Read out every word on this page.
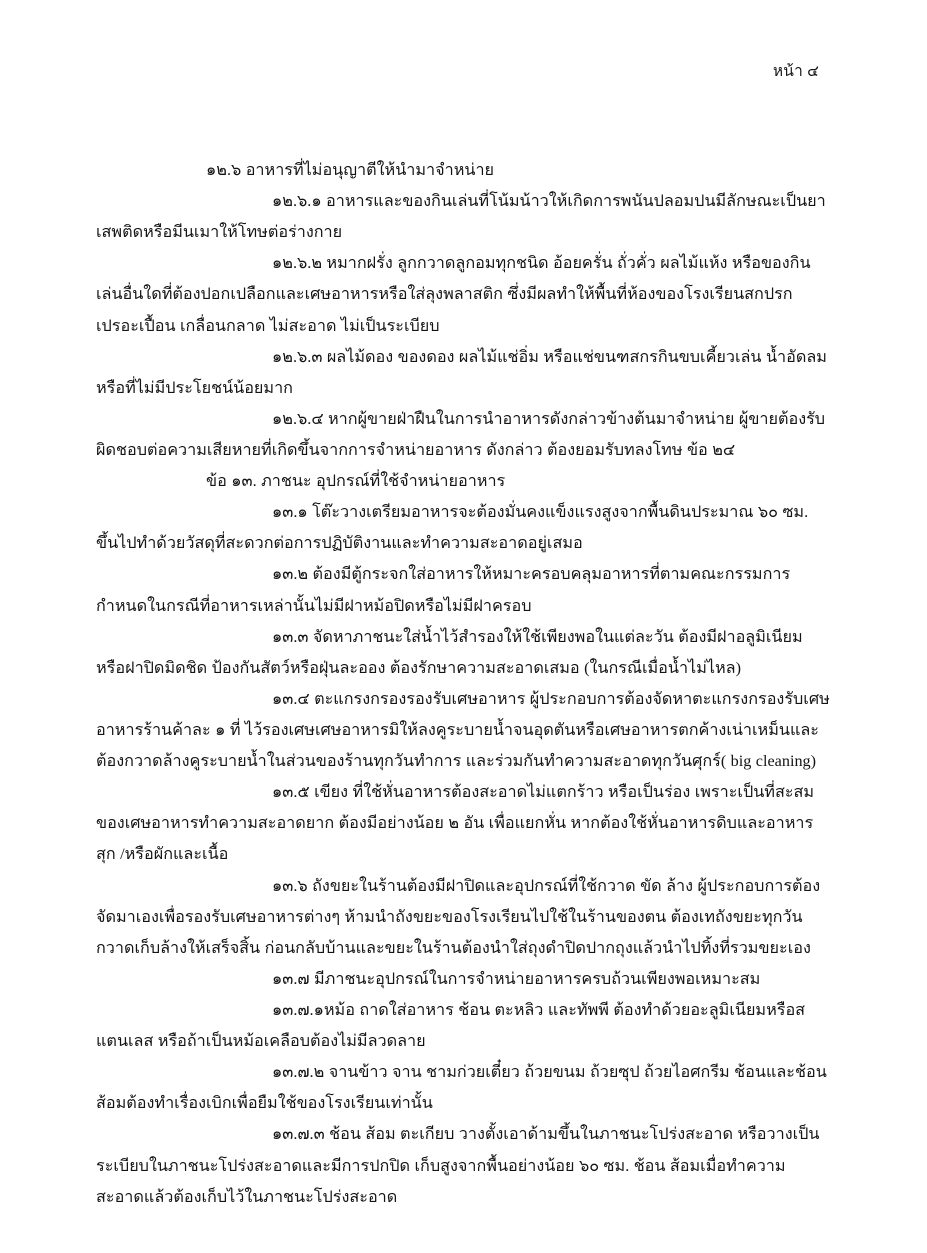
หน้า ๔

๑๒.๖ อาหารที่ไม่อนุญาตีให้นำมาจำหน่าย

๑๒.๖.๑ อาหารและของกินเล่นที่โน้มน้าวให้เกิดการพนันปลอมปนมีลักษณะเป็นยาเสพติดหรือมีนเมาให้โทษต่อร่างกาย

๑๒.๖.๒ หมากฝรั่ง ลูกกวาดลูกอมทุกชนิด อ้อยครั่น ถั่วคั่ว ผลไม้แห้ง หรือของกินเล่นอื่นใดที่ต้องปอกเปลือกและเศษอาหารหรือใส่ลุงพลาสติก ซึ่งมีผลทำให้พื้นที่ห้องของโรงเรียนสกปรก เปรอะเปื้อน เกลื่อนกลาด ไม่สะอาด ไม่เป็นระเบียบ

๑๒.๖.๓ ผลไม้ดอง ของดอง ผลไม้แช่อิ่ม หรือแช่ขนฑสกรกินขบเคี้ยวเล่น น้ำอัดลมหรือที่ไม่มีประโยชน์น้อยมาก

๑๒.๖.๔ หากผู้ขายฝ่าฝืนในการนำอาหารดังกล่าวข้างต้นมาจำหน่าย ผู้ขายต้องรับผิดชอบต่อความเสียหายที่เกิดขึ้นจากการจำหน่ายอาหาร ดังกล่าว ต้องยอมรับทลงโทษ ข้อ ๒๔

ข้อ ๑๓. ภาชนะ อุปกรณ์ที่ใช้จำหน่ายอาหาร

๑๓.๑ โต๊ะวางเตรียมอาหารจะต้องมั่นคงแข็งแรงสูงจากพื้นดินประมาณ ๖๐ ซม. ขึ้นไปทำด้วยวัสดุที่สะดวกต่อการปฏิบัติงานและทำความสะอาดอยู่เสมอ

๑๓.๒ ต้องมีตู้กระจกใส่อาหารให้หมาะครอบคลุมอาหารที่ตามคณะกรรมการกำหนดในกรณีที่อาหารเหล่านั้นไม่มีฝาหม้อปิดหรือไม่มีฝาครอบ

๑๓.๓ จัดหาภาชนะใส่น้ำไว้สำรองให้ใช้เพียงพอในแต่ละวัน ต้องมีฝาอลูมิเนียมหรือฝาปิดมิดชิด ป้องกันสัตว์หรือฝุ่นละออง ต้องรักษาความสะอาดเสมอ (ในกรณีเมื่อน้ำไม่ไหล)

๑๓.๔ ตะแกรงกรองรองรับเศษอาหาร ผู้ประกอบการต้องจัดหาตะแกรงกรองรับเศษอาหารร้านค้าละ ๑ ที่ ไว้รองเศษเศษอาหารมิให้ลงคูระบายน้ำจนอุดตันหรือเศษอาหารตกค้างเน่าเหม็นและต้องกวาดล้างคูระบายน้ำในส่วนของร้านทุกวันทำการ และร่วมกันทำความสะอาดทุกวันศุกร์( big cleaning)

๑๓.๕ เขียง ที่ใช้หั่นอาหารต้องสะอาดไม่แตกร้าว หรือเป็นร่อง เพราะเป็นที่สะสมของเศษอาหารทำความสะอาดยาก ต้องมีอย่างน้อย ๒ อัน เพื่อแยกหั่น หากต้องใช้หั่นอาหารดิบและอาหารสุก /หรือผักและเนื้อ

๑๓.๖ ถังขยะในร้านต้องมีฝาปิดและอุปกรณ์ที่ใช้กวาด ขัด ล้าง ผู้ประกอบการต้องจัดมาเองเพื่อรองรับเศษอาหารต่างๆ ห้ามนำถังขยะของโรงเรียนไปใช้ในร้านของตน ต้องเทถังขยะทุกวัน กวาดเก็บล้างให้เสร็จสิ้น ก่อนกลับบ้านและขยะในร้านต้องนำใส่ถุงดำปิดปากถุงแล้วนำไปทิ้งที่รวมขยะเอง

๑๓.๗ มีภาชนะอุปกรณ์ในการจำหน่ายอาหารครบถ้วนเพียงพอเหมาะสม

๑๓.๗.๑หม้อ ถาดใส่อาหาร ช้อน ตะหลิว และทัพพี ต้องทำด้วยอะลูมิเนียมหรือสแตนเลส หรือถ้าเป็นหม้อเคลือบต้องไม่มีลวดลาย

๑๓.๗.๒ จานข้าว จาน ชามก่วยเตี๋ยว ถ้วยขนม ถ้วยซุป ถ้วยไอศกรีม ช้อนและช้อนส้อมต้องทำเรื่องเบิกเพื่อยืมใช้ของโรงเรียนเท่านั้น

๑๓.๗.๓ ช้อน ส้อม ตะเกียบ วางตั้งเอาด้ามขึ้นในภาชนะโปร่งสะอาด หรือวางเป็นระเบียบในภาชนะโปร่งสะอาดและมีการปกปิด เก็บสูงจากพื้นอย่างน้อย ๖๐ ซม. ช้อน ส้อมเมื่อทำความสะอาดแล้วต้องเก็บไว้ในภาชนะโปร่งสะอาด
